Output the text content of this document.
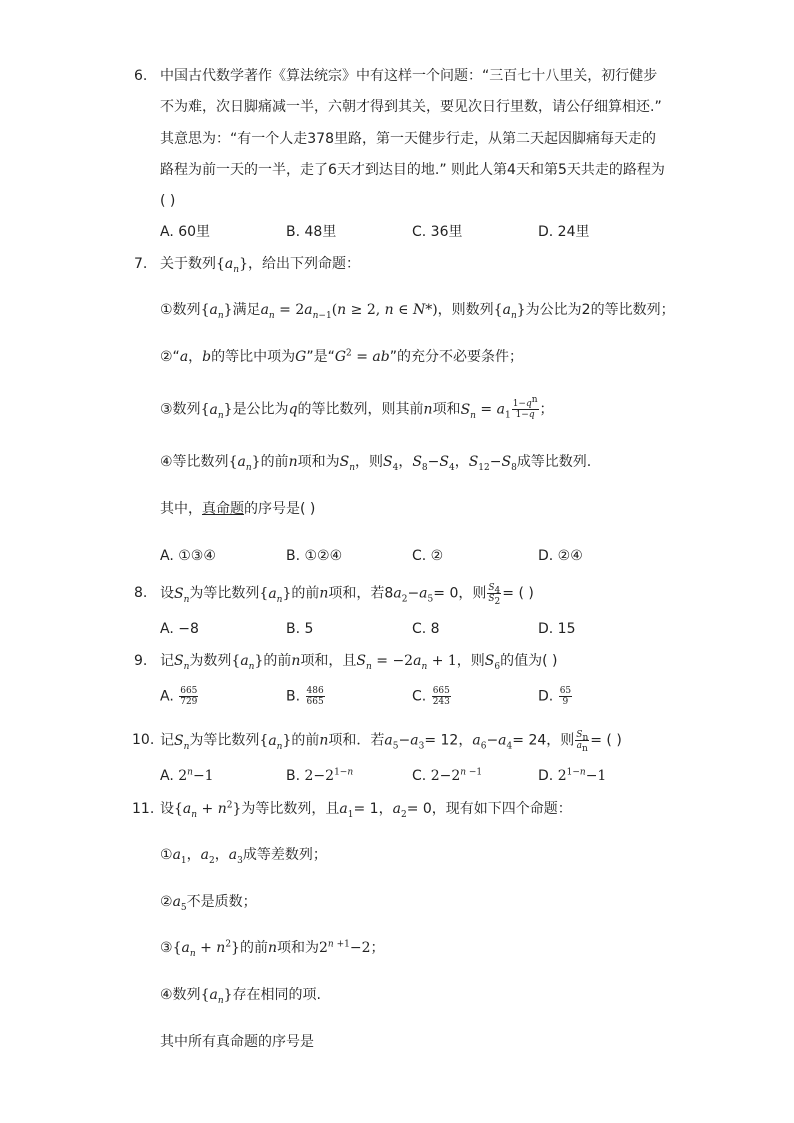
6. 中国古代数学著作《算法统宗》中有这样一个问题：“三百七十八里关，初行健步
不为难，次日脚痛减一半，六朝才得到其关，要见次日行里数，请公仔细算相还.”
其意思为：“有一个人走378里路，第一天健步行走，从第二天起因脚痛每天走的
路程为前一天的一半，走了6天才到达目的地.” 则此人第4天和第5天共走的路程为
( )
A. 60里	B. 48里	C. 36里	D. 24里
7. 关于数列$\{a_n\}$，给出下列命题：
①数列$\{a_n\}$满足$a_n = 2a_{n-1}(n \ge 2$, n ∈ N*)，则数列$\{a_n\}$为公比为2的等比数列；
②“a，b的等比中项为G”是“$G^2$ = ab”的充分不必要条件；
③数列$\{a_n\}$是公比为q的等比数列，则其前n项和$S_n = a_1 \frac{1-q^n}{1-q}$ ；
④等比数列$\{a_n\}$的前n项和为$S_n$，则$S_4$，$S_8-S_4$，$S_{12}-S_8$成等比数列.
其中，真命题的序号是( )
A. ①③④	B. ①②④	C. ②	D. ②④
8. 设$S_n$为等比数列$\{a_n\}$的前n项和，若$8a_2-a_5= 0$，则 $\frac{S_4}{S_2}$ = ( )
A. −8	B. 5	C. 8	D. 15
9. 记$S_n$为数列$\{a_n\}$的前n项和，且$S_n = -2a_n + 1$，则$S_6$的值为( )
A. $\frac{665}{729}$	B. $\frac{486}{665}$	C. $\frac{665}{243}$	D. $\frac{65}{9}$
10. 记$S_n$为等比数列$\{a_n\}$的前n项和．若$a_5-a_3= 12$，$a_6-a_4= 24$，则 $\frac{S_n}{a_n}$ = ( )
A. $2^n-1$	B. $2-2^{1-n}$	C. $2-2^{n -1}$	D. $2^{1-n}-1$
11. 设$\{a_n + n^2\}$为等比数列，且$a_1= 1$，$a_2= 0$，现有如下四个命题：
$①a_1$，$a_2$，$a_3$成等差数列；
$②a_5$不是质数；
$③\{a_n + n^2\}$的前n项和为$2^{n +1}-2$；
④数列$\{a_n\}$存在相同的项.
其中所有真命题的序号是
